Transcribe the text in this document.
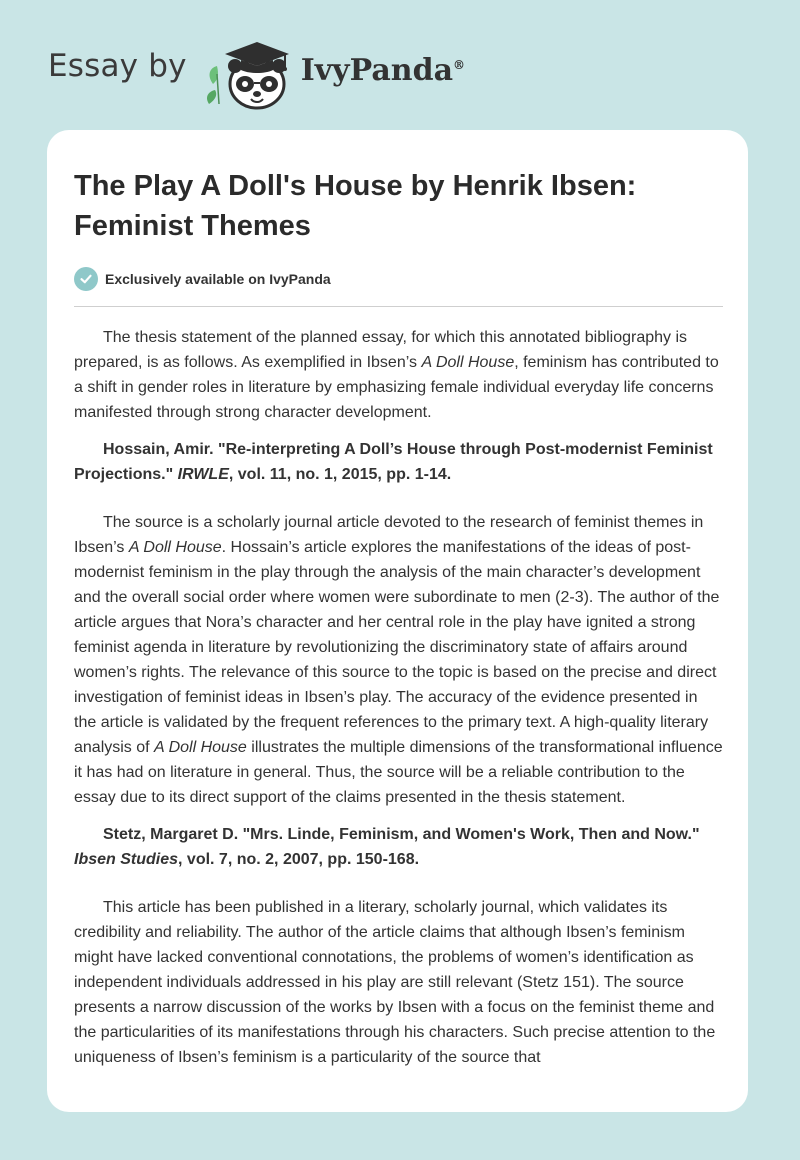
Essay by	IvyPanda®
The Play A Doll's House by Henrik Ibsen: Feminist Themes
Exclusively available on IvyPanda

The thesis statement of the planned essay, for which this annotated bibliography is prepared, is as follows. As exemplified in Ibsen’s A Doll House, feminism has contributed to a shift in gender roles in literature by emphasizing female individual everyday life concerns manifested through strong character development.

Hossain, Amir. "Re-interpreting A Doll’s House through Post-modernist Feminist Projections." IRWLE, vol. 11, no. 1, 2015, pp. 1-14.

The source is a scholarly journal article devoted to the research of feminist themes in Ibsen’s A Doll House. Hossain’s article explores the manifestations of the ideas of post-modernist feminism in the play through the analysis of the main character’s development and the overall social order where women were subordinate to men (2-3). The author of the article argues that Nora’s character and her central role in the play have ignited a strong feminist agenda in literature by revolutionizing the discriminatory state of affairs around women’s rights. The relevance of this source to the topic is based on the precise and direct investigation of feminist ideas in Ibsen’s play. The accuracy of the evidence presented in the article is validated by the frequent references to the primary text. A high-quality literary analysis of A Doll House illustrates the multiple dimensions of the transformational influence it has had on literature in general. Thus, the source will be a reliable contribution to the essay due to its direct support of the claims presented in the thesis statement.

Stetz, Margaret D. "Mrs. Linde, Feminism, and Women's Work, Then and Now." Ibsen Studies, vol. 7, no. 2, 2007, pp. 150-168.

This article has been published in a literary, scholarly journal, which validates its credibility and reliability. The author of the article claims that although Ibsen’s feminism might have lacked conventional connotations, the problems of women’s identification as independent individuals addressed in his play are still relevant (Stetz 151). The source presents a narrow discussion of the works by Ibsen with a focus on the feminist theme and the particularities of its manifestations through his characters. Such precise attention to the uniqueness of Ibsen’s feminism is a particularity of the source that
